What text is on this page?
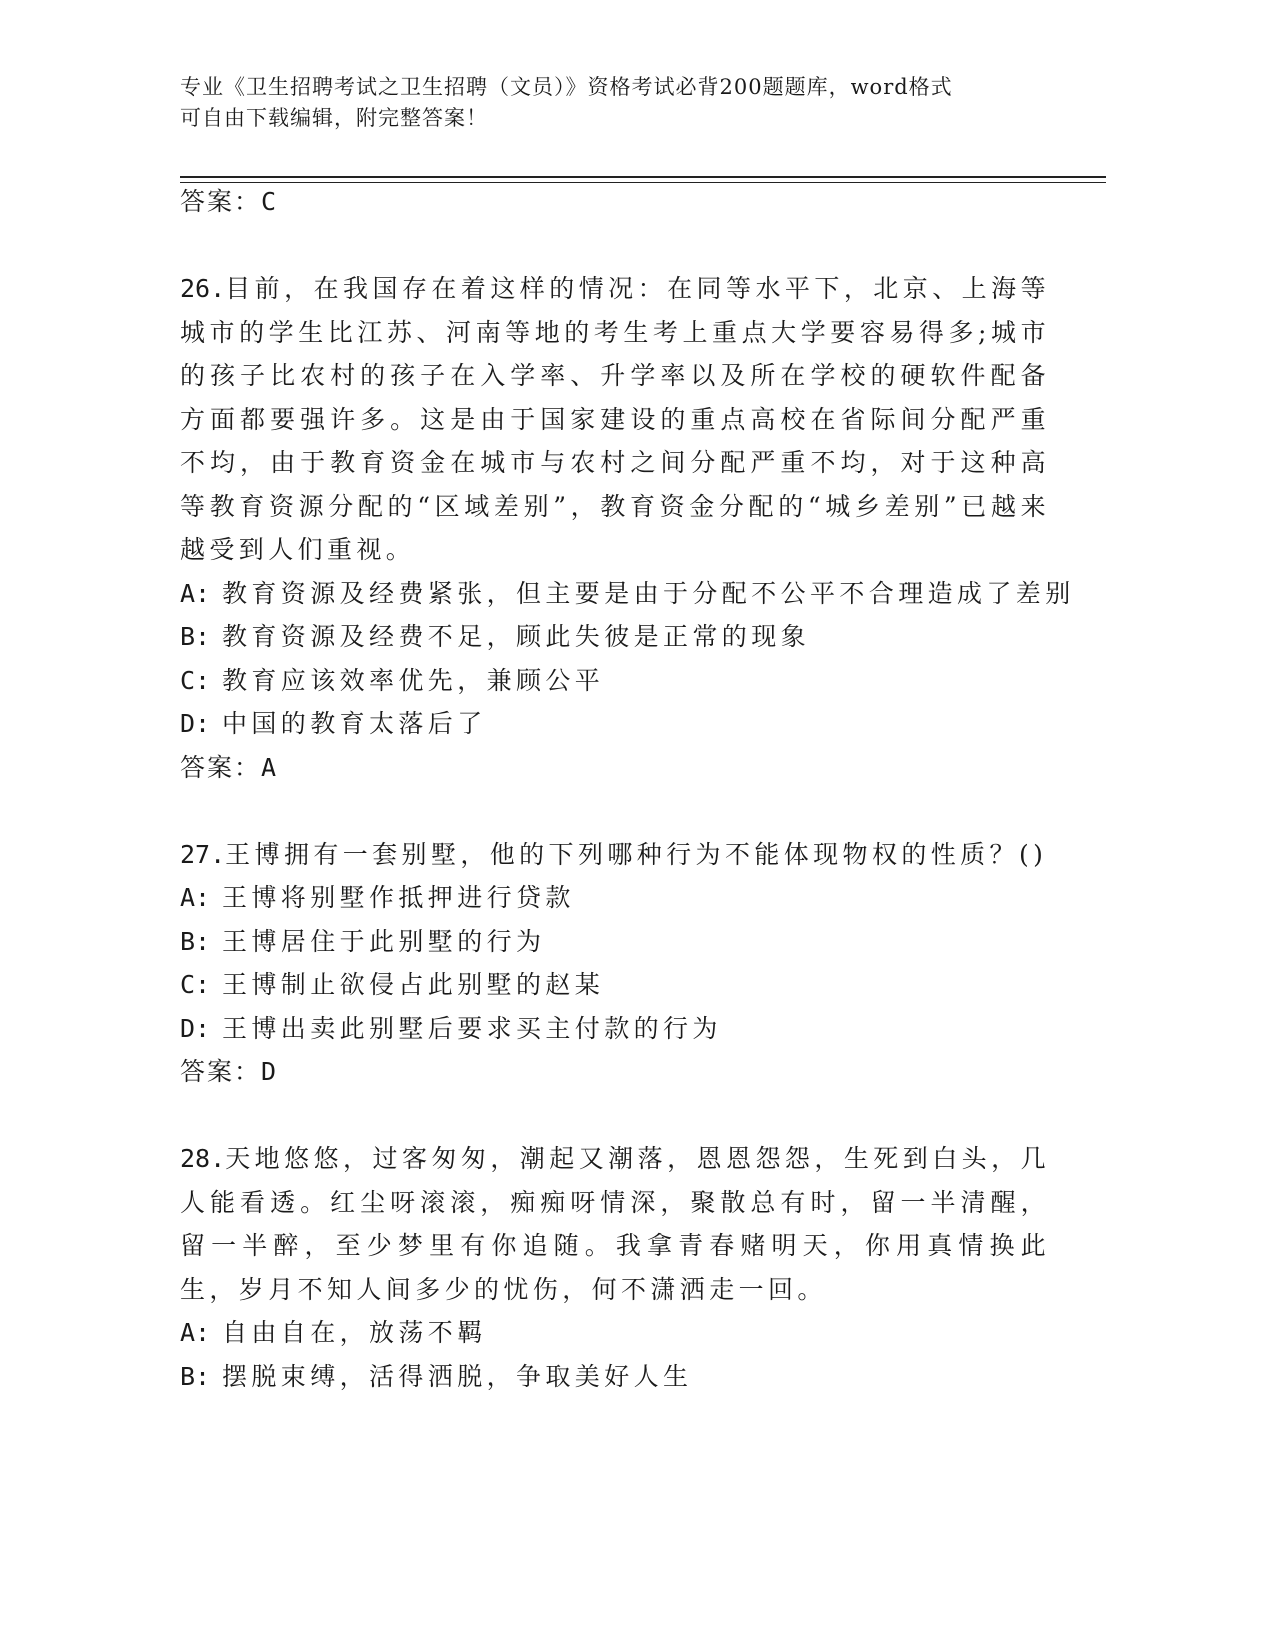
专业《卫生招聘考试之卫生招聘（文员）》资格考试必背200题题库，word格式
可自由下载编辑，附完整答案！
答案：C
26.目前，在我国存在着这样的情况：在同等水平下，北京、上海等城市的学生比江苏、河南等地的考生考上重点大学要容易得多;城市的孩子比农村的孩子在入学率、升学率以及所在学校的硬软件配备方面都要强许多。这是由于国家建设的重点高校在省际间分配严重不均，由于教育资金在城市与农村之间分配严重不均，对于这种高等教育资源分配的“区域差别”，教育资金分配的“城乡差别”已越来越受到人们重视。
A: 教育资源及经费紧张，但主要是由于分配不公平不合理造成了差别
B: 教育资源及经费不足，顾此失彼是正常的现象
C: 教育应该效率优先，兼顾公平
D: 中国的教育太落后了
答案：A
27.王博拥有一套别墅，他的下列哪种行为不能体现物权的性质？()
A: 王博将别墅作抵押进行贷款
B: 王博居住于此别墅的行为
C: 王博制止欲侵占此别墅的赵某
D: 王博出卖此别墅后要求买主付款的行为
答案：D
28.天地悠悠，过客匆匆，潮起又潮落，恩恩怨怨，生死到白头，几人能看透。红尘呀滚滚，痴痴呀情深，聚散总有时，留一半清醒，留一半醉，至少梦里有你追随。我拿青春赌明天，你用真情换此生，岁月不知人间多少的忧伤，何不潇洒走一回。
A: 自由自在，放荡不羁
B: 摆脱束缚，活得洒脱，争取美好人生
